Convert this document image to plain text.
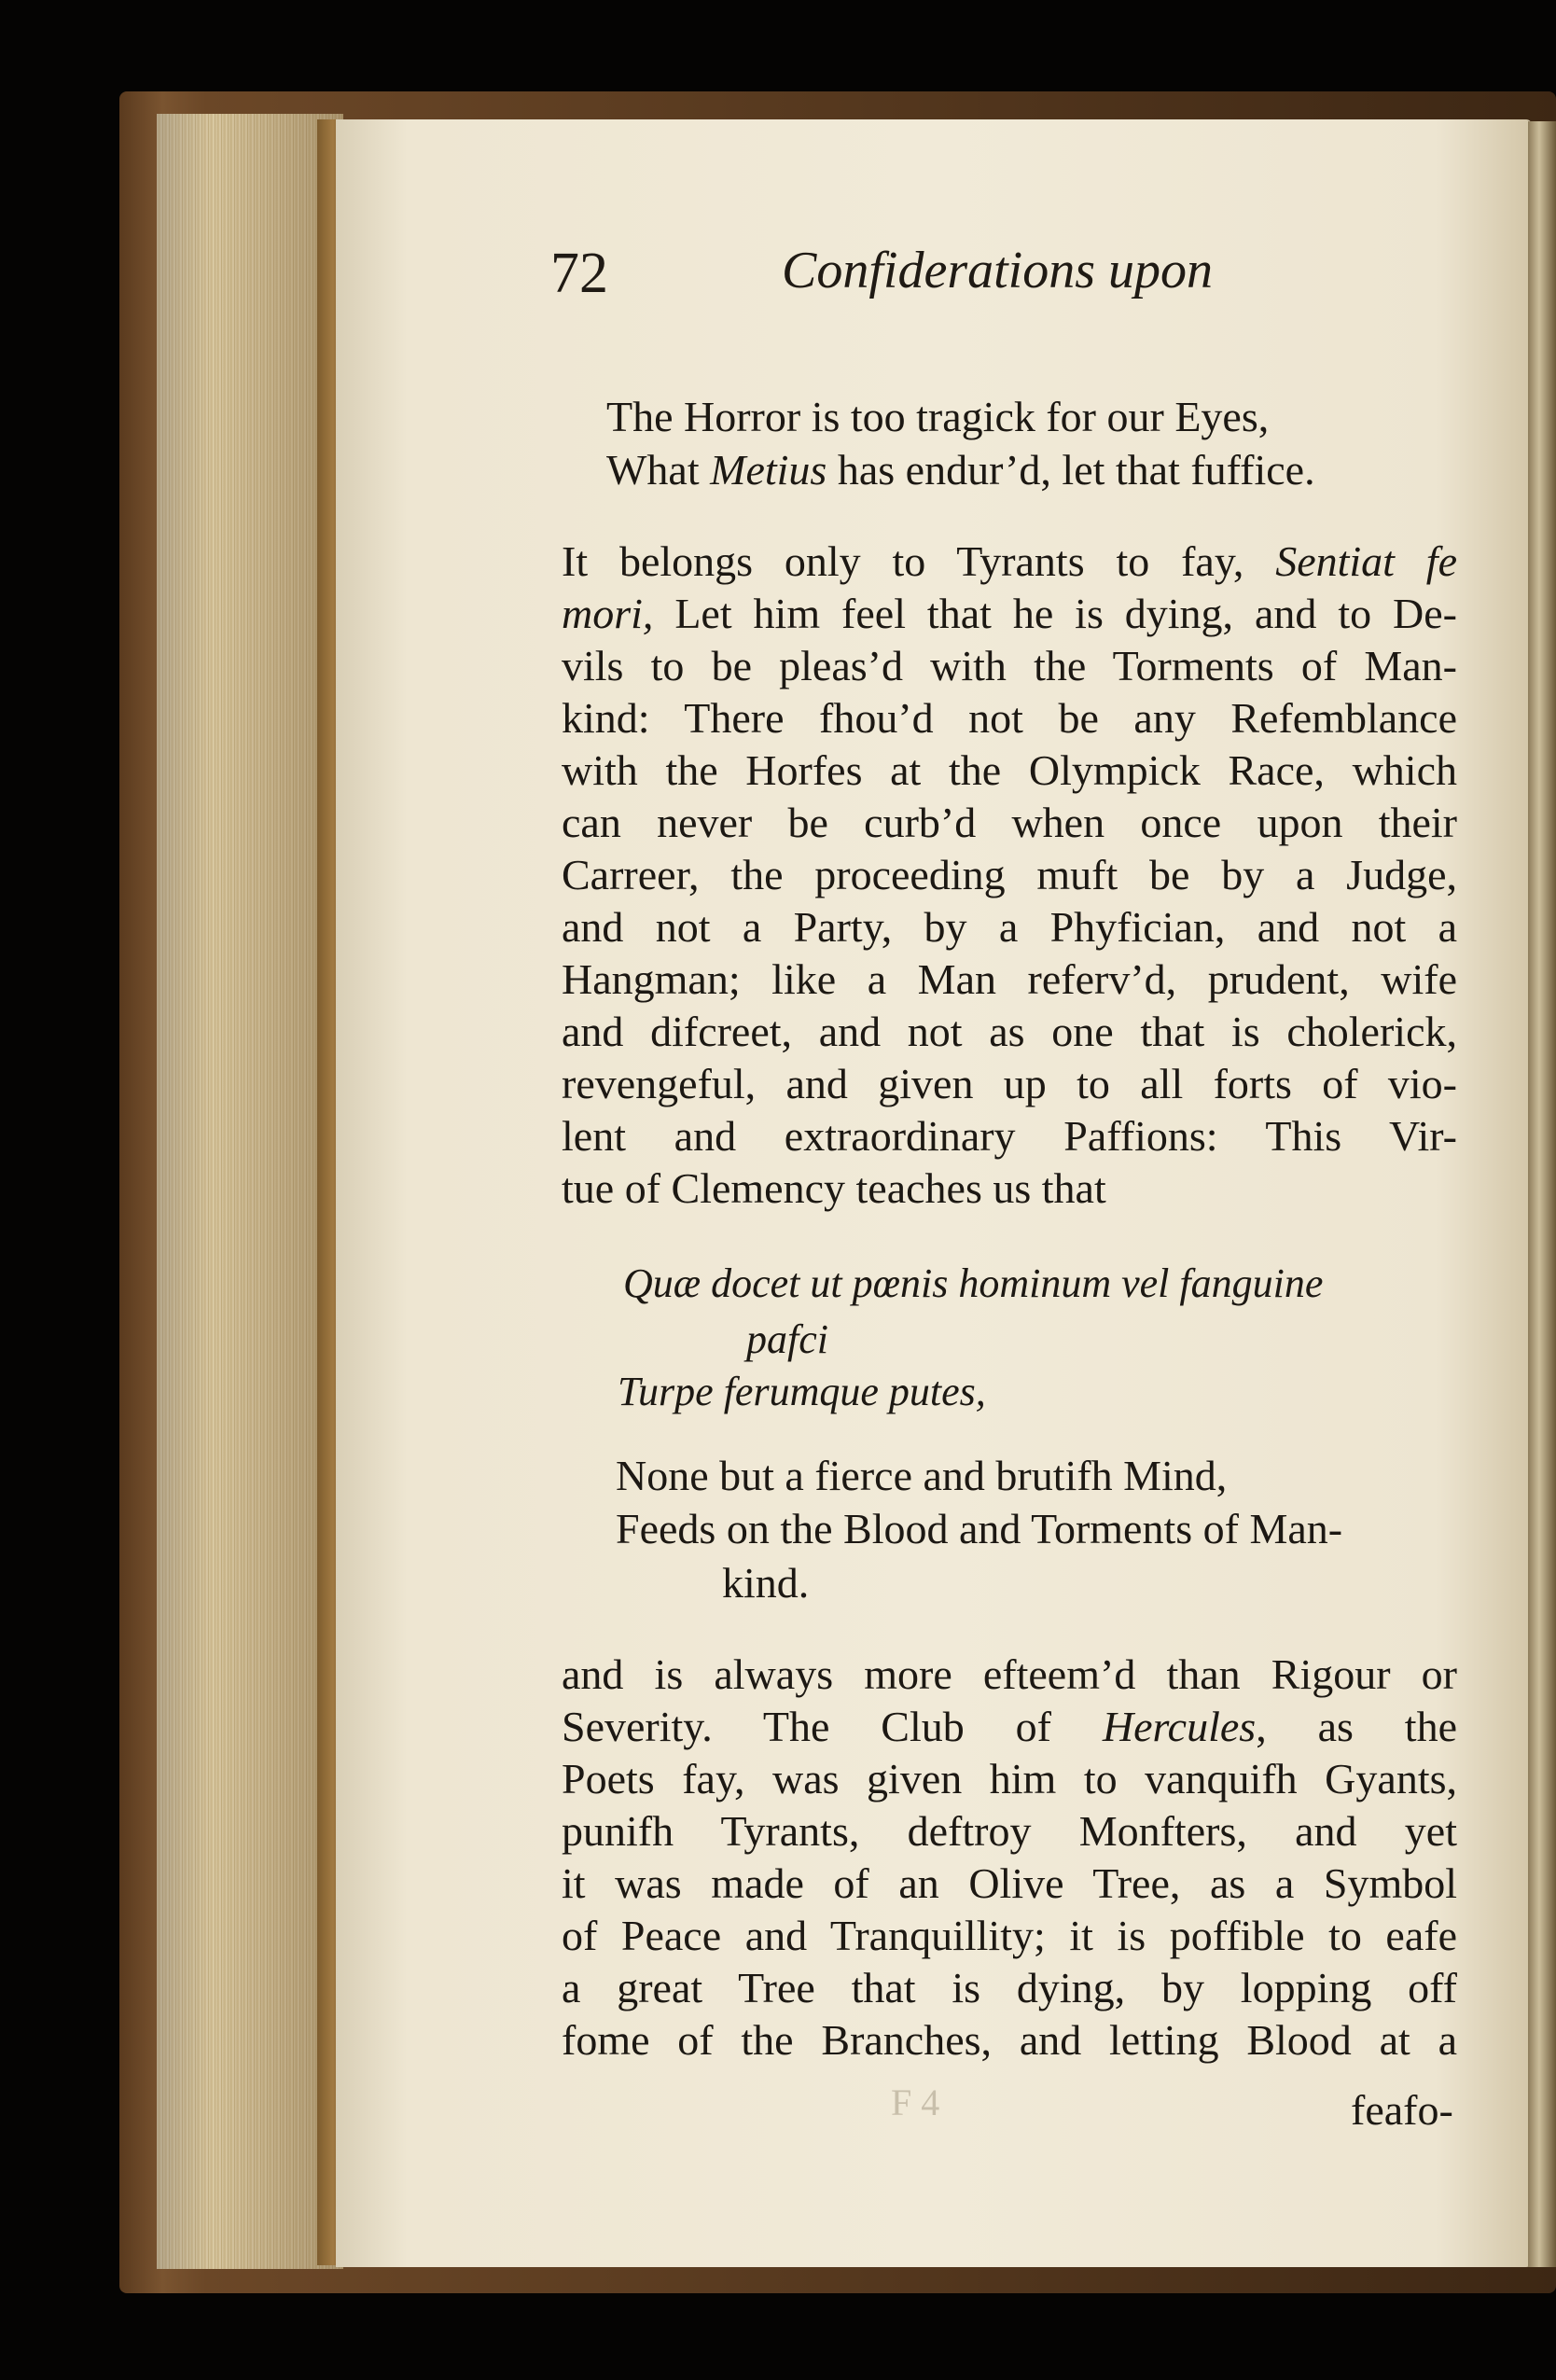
72	Confiderations upon
The Horror is too tragick for our Eyes,
What Metius has endur’d, let that fuffice.
It belongs only to Tyrants to fay, Sentiat fe
mori, Let him feel that he is dying, and to De-
vils to be pleas’d with the Torments of Man-
kind: There fhou’d not be any Refemblance
with the Horfes at the Olympick Race, which
can never be curb’d when once upon their
Carreer, the proceeding muft be by a Judge,
and not a Party, by a Phyfician, and not a
Hangman; like a Man referv’d, prudent, wife
and difcreet, and not as one that is cholerick,
revengeful, and given up to all forts of vio-
lent and extraordinary Paffions: This Vir-
tue of Clemency teaches us that
Quæ docet ut pœnis hominum vel fanguine
pafci
Turpe ferumque putes,
None but a fierce and brutifh Mind,
Feeds on the Blood and Torments of Man-
kind.
and is always more efteem’d than Rigour or
Severity. The Club of Hercules, as the
Poets fay, was given him to vanquifh Gyants,
punifh Tyrants, deftroy Monfters, and yet
it was made of an Olive Tree, as a Symbol
of Peace and Tranquillity; it is poffible to eafe
a great Tree that is dying, by lopping off
fome of the Branches, and letting Blood at a
F 4	feafo-
